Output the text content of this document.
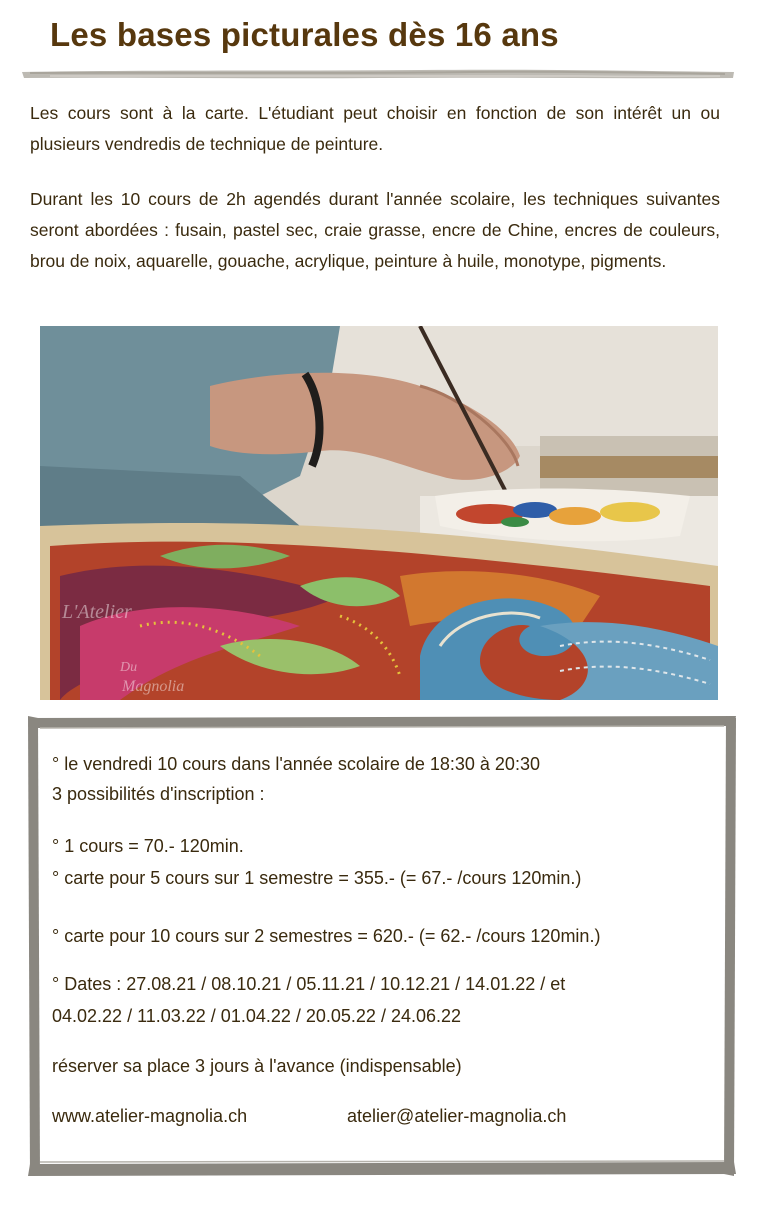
Les bases picturales dès 16 ans

Les cours sont à la carte. L'étudiant peut choisir en fonction de son intérêt un ou plusieurs vendredis de technique de peinture.

Durant les 10 cours de 2h agendés durant l'année scolaire, les techniques suivantes seront abordées : fusain, pastel sec, craie grasse, encre de Chine, encres de couleurs, brou de noix, aquarelle, gouache, acrylique, peinture à huile, monotype, pigments.

L'Atelier
Du
Magnolia

° le vendredi 10 cours dans l'année scolaire de 18:30 à 20:30

3 possibilités d'inscription :

° 1 cours = 70.- 120min.

° carte pour 5 cours sur 1 semestre = 355.- (= 67.- /cours 120min.)

° carte pour 10 cours sur 2 semestres = 620.- (= 62.- /cours 120min.)

° Dates : 27.08.21 / 08.10.21 / 05.11.21 / 10.12.21 / 14.01.22 / et

04.02.22 / 11.03.22 / 01.04.22 / 20.05.22 / 24.06.22

réserver sa place 3 jours à l'avance (indispensable)

www.atelier-magnolia.ch	atelier@atelier-magnolia.ch
